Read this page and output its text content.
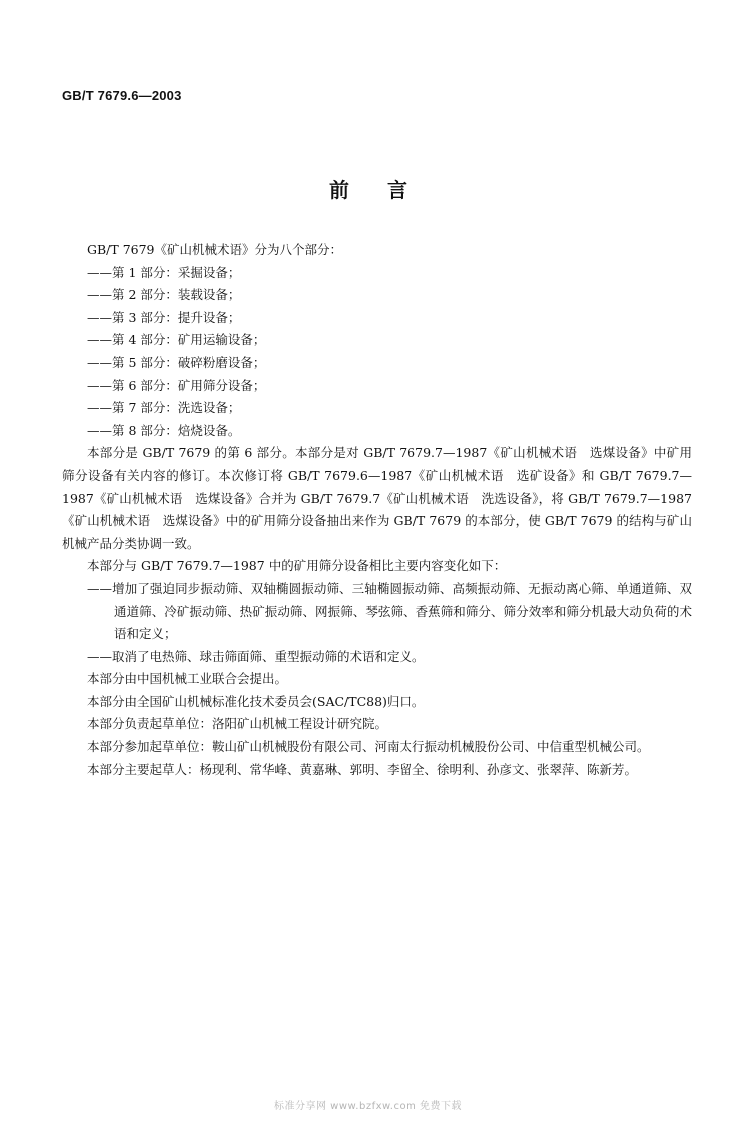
GB/T 7679.6—2003
前言
GB/T 7679《矿山机械术语》分为八个部分：
——第 1 部分：采掘设备；
——第 2 部分：装载设备；
——第 3 部分：提升设备；
——第 4 部分：矿用运输设备；
——第 5 部分：破碎粉磨设备；
——第 6 部分：矿用筛分设备；
——第 7 部分：洗选设备；
——第 8 部分：焙烧设备。
本部分是 GB/T 7679 的第 6 部分。本部分是对 GB/T 7679.7—1987《矿山机械术语　选煤设备》中矿用筛分设备有关内容的修订。本次修订将 GB/T 7679.6—1987《矿山机械术语　选矿设备》和 GB/T 7679.7—1987《矿山机械术语　选煤设备》合并为 GB/T 7679.7《矿山机械术语　洗选设备》，将 GB/T 7679.7—1987《矿山机械术语　选煤设备》中的矿用筛分设备抽出来作为 GB/T 7679 的本部分，使 GB/T 7679 的结构与矿山机械产品分类协调一致。
本部分与 GB/T 7679.7—1987 中的矿用筛分设备相比主要内容变化如下：
——增加了强迫同步振动筛、双轴椭圆振动筛、三轴椭圆振动筛、高频振动筛、无振动离心筛、单通道筛、双通道筛、冷矿振动筛、热矿振动筛、网振筛、琴弦筛、香蕉筛和筛分、筛分效率和筛分机最大动负荷的术语和定义；
——取消了电热筛、球击筛面筛、重型振动筛的术语和定义。
本部分由中国机械工业联合会提出。
本部分由全国矿山机械标准化技术委员会(SAC/TC88)归口。
本部分负责起草单位：洛阳矿山机械工程设计研究院。
本部分参加起草单位：鞍山矿山机械股份有限公司、河南太行振动机械股份公司、中信重型机械公司。
本部分主要起草人：杨现利、常华峰、黄嘉琳、郭明、李留全、徐明利、孙彦文、张翠萍、陈新芳。
标准分享网 www.bzfxw.com 免费下载
